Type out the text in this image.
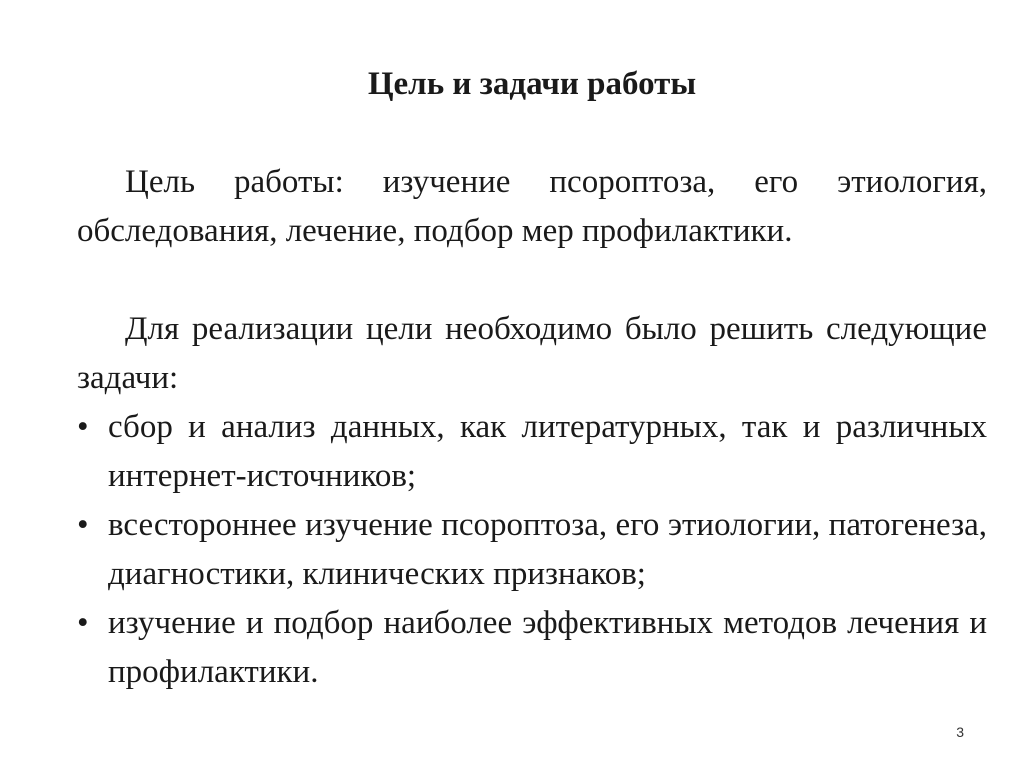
Цель и задачи работы
Цель работы: изучение псороптоза, его этиология, обследования, лечение, подбор мер профилактики.
Для реализации цели необходимо было решить следующие задачи:
• сбор и анализ данных, как литературных, так и различных интернет-источников;
• всестороннее изучение псороптоза, его этиологии, патогенеза, диагностики, клинических признаков;
• изучение и подбор наиболее эффективных методов лечения и профилактики.
3
